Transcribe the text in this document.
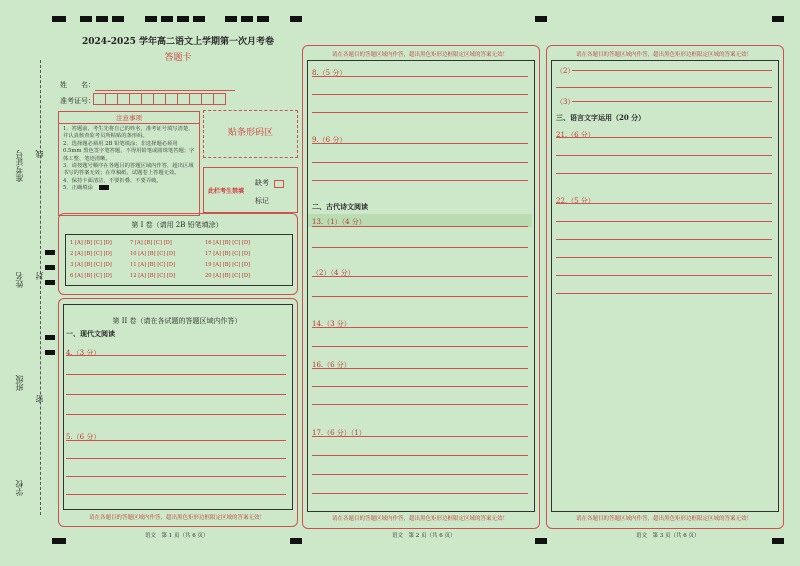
准考证号 线
姓名 封
班级
密
学校
2024-2025 学年高二语文上学期第一次月考卷
答题卡
姓　　名：
准考证号：
注意事项
1．答题前，考生先将自己的姓名，准考证号填写清楚，并认真核查监考员所粘贴的条形码。
2．选择题必须用 2B 铅笔填涂；非选择题必须用 0.5mm 黑色签字笔答题，不得用铅笔或圆珠笔答题；字体工整、笔迹清晰。
3．请按题号顺序在各题目的答题区域内作答，超出区域书写的答案无效；在草稿纸、试题卷上答题无效。
4．保持卡面清洁，不要折叠、不要弄破。
5．正确填涂
贴条形码区
此栏考生禁填
缺考
标记
第 I 卷（请用 2B 铅笔填涂）
1 [A] [B] [C] [D]	7 [A] [B] [C] [D]	16 [A] [B] [C] [D]
2 [A] [B] [C] [D]	10 [A] [B] [C] [D]	17 [A] [B] [C] [D]
3 [A] [B] [C] [D]	11 [A] [B] [C] [D]	19 [A] [B] [C] [D]
6 [A] [B] [C] [D]	12 [A] [B] [C] [D]	20 [A] [B] [C] [D]
第 II 卷（请在各试题的答题区域内作答）
一、现代文阅读
4.（3 分）
5.（6 分）
请在各题目的答题区域内作答，超出黑色矩形边框限定区域的答案无效！
语文　第 1 页（共 6 页）
请在各题目的答题区域内作答，超出黑色矩形边框限定区域的答案无效！
8.（5 分）
9.（6 分）
二、古代诗文阅读
13.（1）（4 分）
（2）（4 分）
14.（3 分）
16.（6 分）
17.（6 分）（1）
请在各题目的答题区域内作答，超出黑色矩形边框限定区域的答案无效！
语文　第 2 页（共 6 页）
请在各题目的答题区域内作答，超出黑色矩形边框限定区域的答案无效！
（2）
（3）
三、语言文字运用（20 分）
21.（6 分）
22.（5 分）
请在各题目的答题区域内作答，超出黑色矩形边框限定区域的答案无效！
语文　第 3 页（共 6 页）
